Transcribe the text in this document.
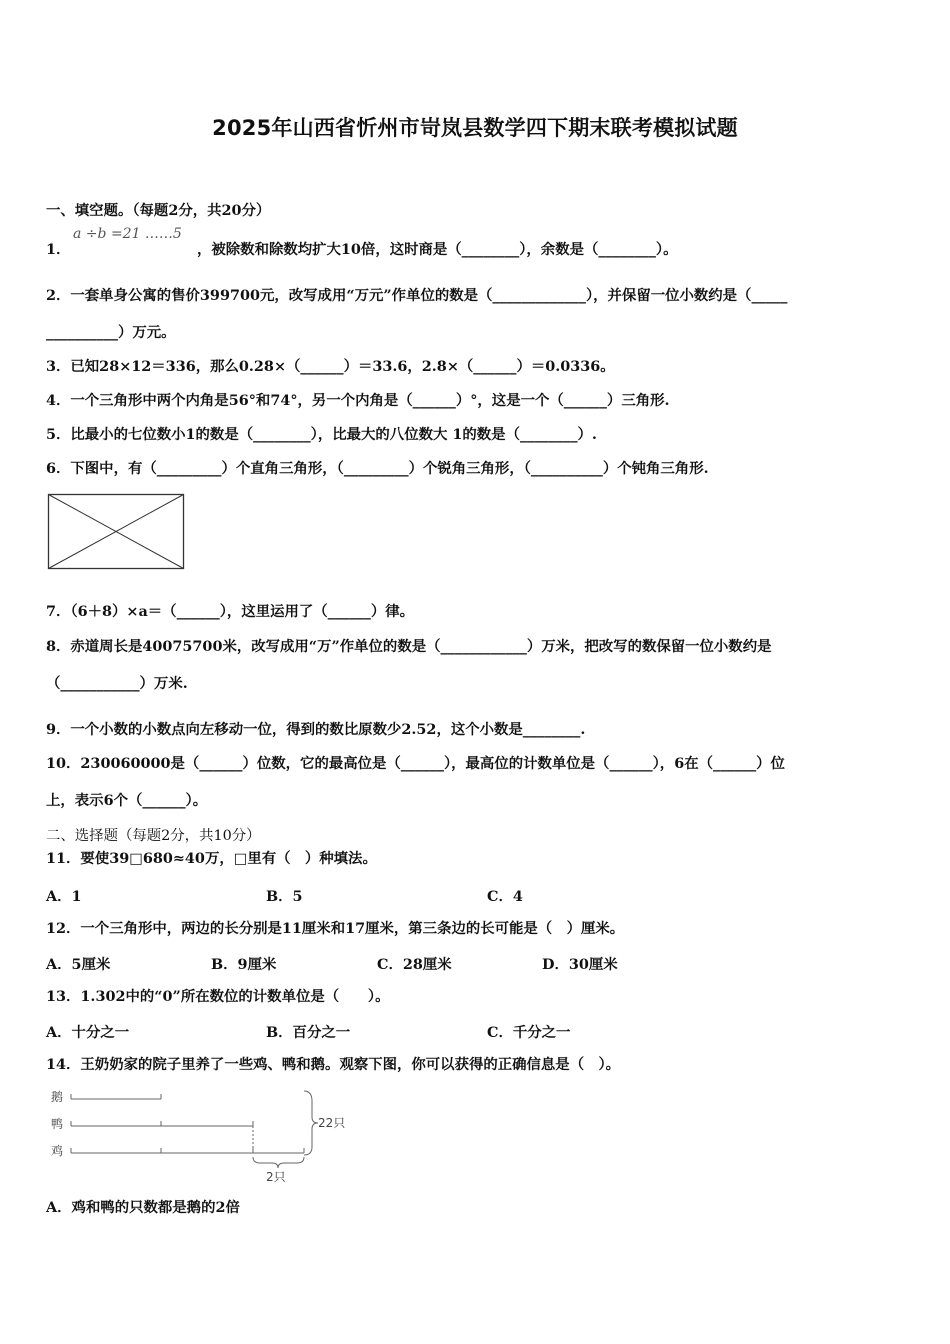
2025年山西省忻州市岢岚县数学四下期末联考模拟试题
一、填空题。（每题2分，共20分）
a ÷b =21 ……5
1．	，被除数和除数均扩大10倍，这时商是（________），余数是（________）。
2．一套单身公寓的售价399700元，改写成用“万元”作单位的数是（_____________），并保留一位小数约是（_____
__________）万元。
3．已知28×12＝336，那么0.28×（______）＝33.6，2.8×（______）＝0.0336。
4．一个三角形中两个内角是56°和74°，另一个内角是（______）°，这是一个（______）三角形.
5．比最小的七位数小1的数是（________），比最大的八位数大 1的数是（________）.
6．下图中，有（_________）个直角三角形，（_________）个锐角三角形，（__________）个钝角三角形.
7．（6＋8）×a＝（______），这里运用了（______）律。
8．赤道周长是40075700米，改写成用“万”作单位的数是（____________）万米，把改写的数保留一位小数约是
（___________）万米.
9．一个小数的小数点向左移动一位，得到的数比原数少2.52，这个小数是________.
10．230060000是（______）位数，它的最高位是（______），最高位的计数单位是（______），6在（______）位
上，表示6个（______）。
二、选择题（每题2分，共10分）
11．要使39□680≈40万，□里有（　）种填法。
A．1	B．5	C．4
12．一个三角形中，两边的长分别是11厘米和17厘米，第三条边的长可能是（　）厘米。
A．5厘米	B．9厘米	C．28厘米	D．30厘米
13．1.302中的“0”所在数位的计数单位是（　　）。
A．十分之一	B．百分之一	C．千分之一
14．王奶奶家的院子里养了一些鸡、鸭和鹅。观察下图，你可以获得的正确信息是（　）。
鹅
鸭
鸡
22只
2只
A．鸡和鸭的只数都是鹅的2倍
